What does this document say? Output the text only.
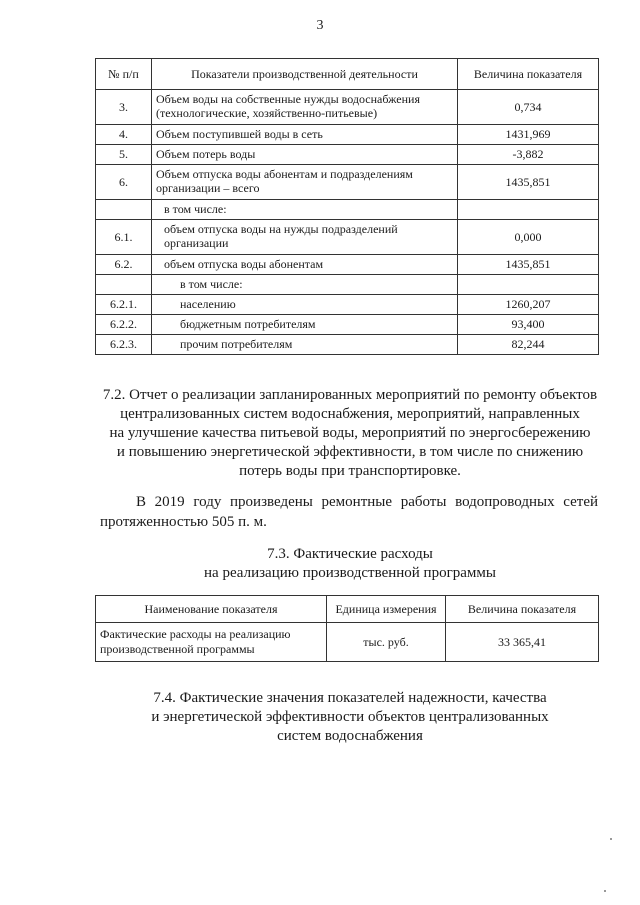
3
№ п/п	Показатели производственной деятельности	Величина показателя
3.	Объем воды на собственные нужды водоснабжения (технологические, хозяйственно-питьевые)	0,734
4.	Объем поступившей воды в сеть	1431,969
5.	Объем потерь воды	-3,882
6.	Объем отпуска воды абонентам и подразделениям организации – всего	1435,851
	в том числе:	
6.1.	объем отпуска воды на нужды подразделений организации	0,000
6.2.	объем отпуска воды абонентам	1435,851
	в том числе:	
6.2.1.	населению	1260,207
6.2.2.	бюджетным потребителям	93,400
6.2.3.	прочим потребителям	82,244
7.2. Отчет о реализации запланированных мероприятий по ремонту объектов
централизованных систем водоснабжения, мероприятий, направленных
на улучшение качества питьевой воды, мероприятий по энергосбережению
и повышению энергетической эффективности, в том числе по снижению
потерь воды при транспортировке.
В 2019 году произведены ремонтные работы водопроводных сетей протяженностью 505 п. м.
7.3. Фактические расходы
на реализацию производственной программы
Наименование показателя	Единица измерения	Величина показателя
Фактические расходы на реализацию производственной программы	тыс. руб.	33 365,41
7.4. Фактические значения показателей надежности, качества
и энергетической эффективности объектов централизованных
систем водоснабжения
